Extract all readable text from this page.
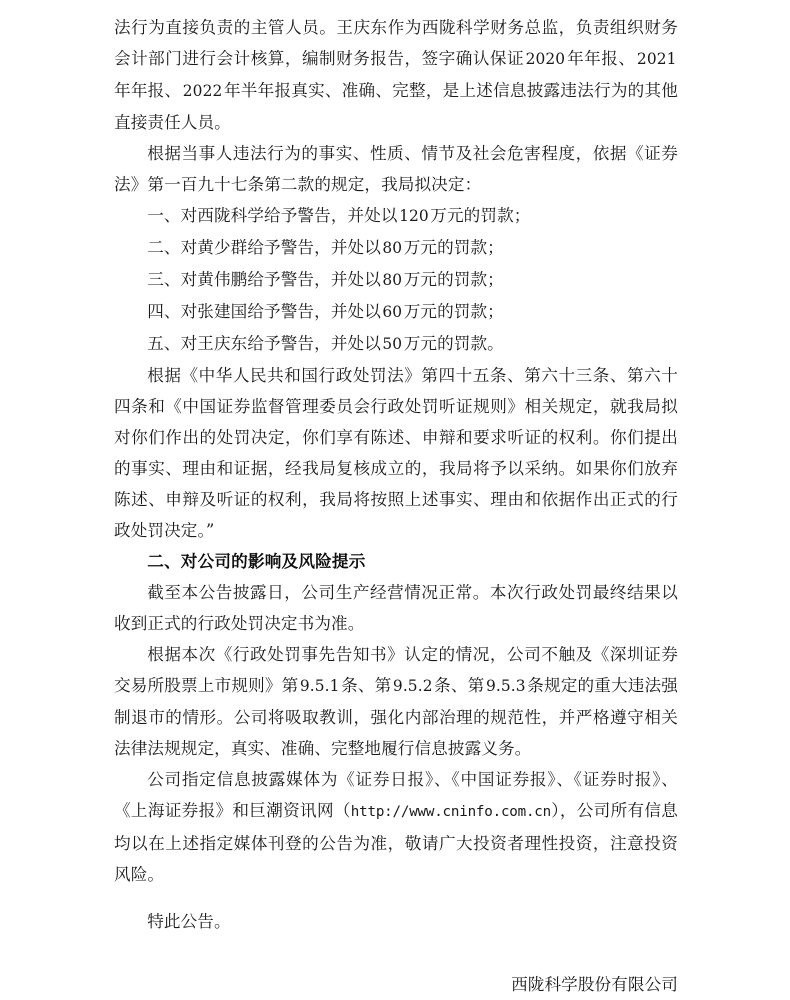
法行为直接负责的主管人员。王庆东作为西陇科学财务总监，负责组织财务会计部门进行会计核算，编制财务报告，签字确认保证2020年年报、2021年年报、2022年半年报真实、准确、完整，是上述信息披露违法行为的其他直接责任人员。

根据当事人违法行为的事实、性质、情节及社会危害程度，依据《证券法》第一百九十七条第二款的规定，我局拟决定：

一、对西陇科学给予警告，并处以120万元的罚款；

二、对黄少群给予警告，并处以80万元的罚款；

三、对黄伟鹏给予警告，并处以80万元的罚款；

四、对张建国给予警告，并处以60万元的罚款；

五、对王庆东给予警告，并处以50万元的罚款。

根据《中华人民共和国行政处罚法》第四十五条、第六十三条、第六十四条和《中国证券监督管理委员会行政处罚听证规则》相关规定，就我局拟对你们作出的处罚决定，你们享有陈述、申辩和要求听证的权利。你们提出的事实、理由和证据，经我局复核成立的，我局将予以采纳。如果你们放弃陈述、申辩及听证的权利，我局将按照上述事实、理由和依据作出正式的行政处罚决定。”

二、对公司的影响及风险提示

截至本公告披露日，公司生产经营情况正常。本次行政处罚最终结果以收到正式的行政处罚决定书为准。

根据本次《行政处罚事先告知书》认定的情况，公司不触及《深圳证券交易所股票上市规则》第9.5.1条、第9.5.2条、第9.5.3条规定的重大违法强制退市的情形。公司将吸取教训，强化内部治理的规范性，并严格遵守相关法律法规规定，真实、准确、完整地履行信息披露义务。

公司指定信息披露媒体为《证券日报》、《中国证券报》、《证券时报》、《上海证券报》和巨潮资讯网（http://www.cninfo.com.cn），公司所有信息均以在上述指定媒体刊登的公告为准，敬请广大投资者理性投资，注意投资风险。

特此公告。

西陇科学股份有限公司
